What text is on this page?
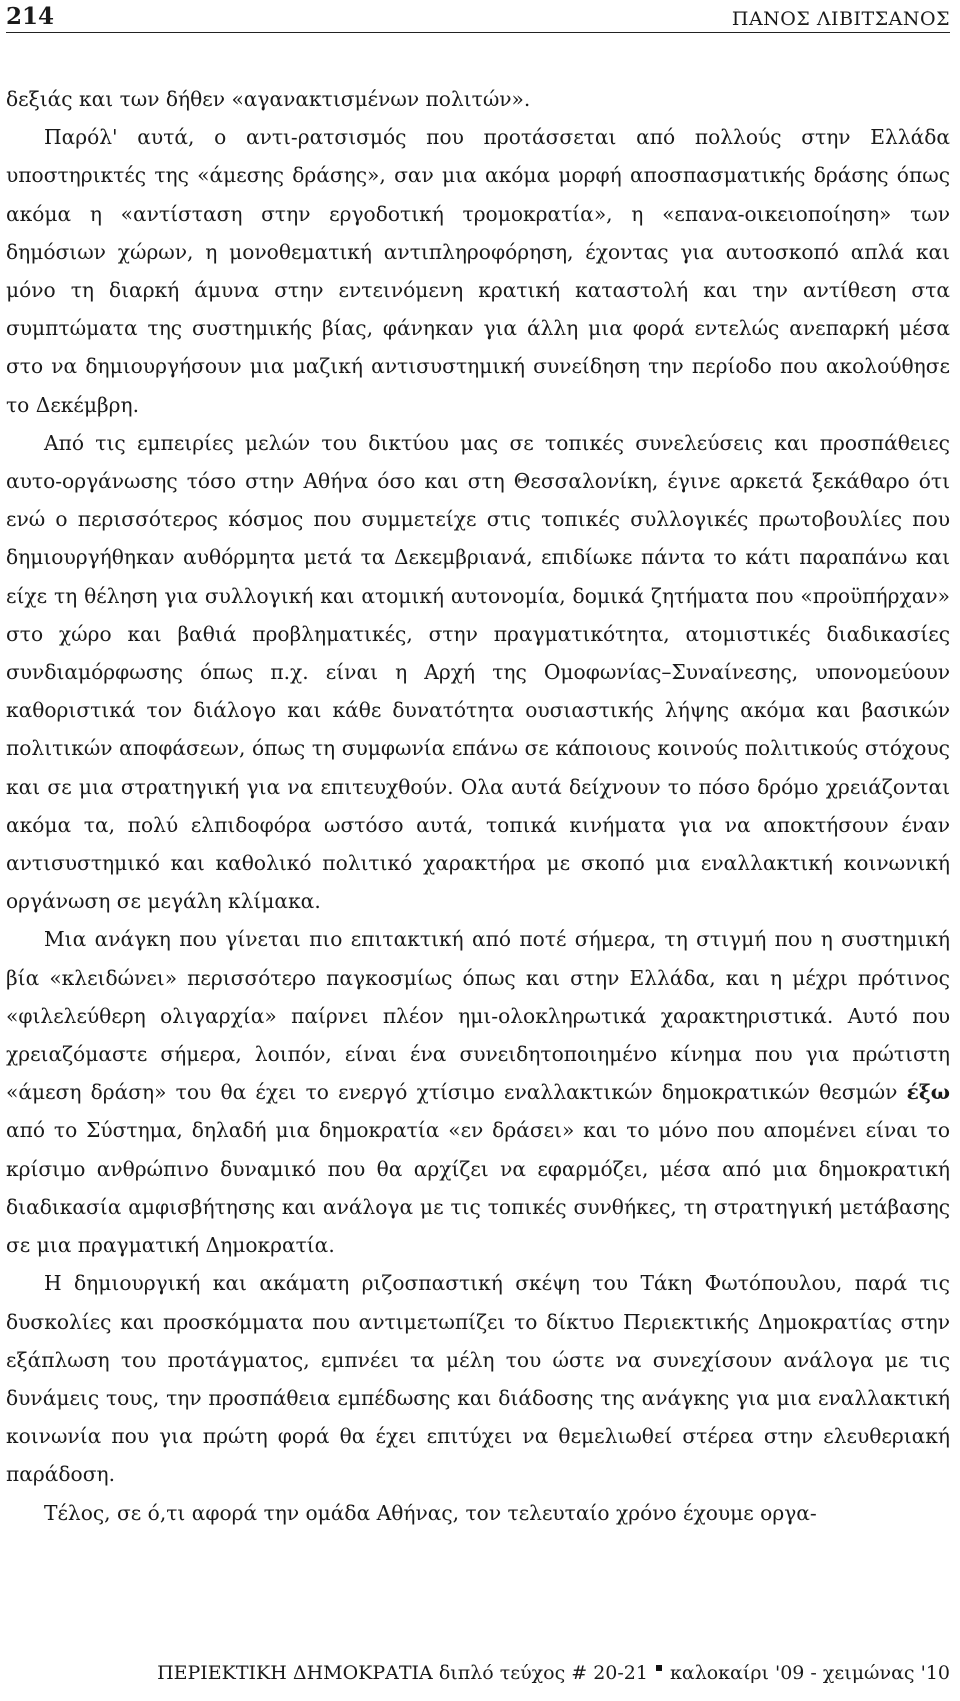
214	ΠΑΝΟΣ ΛΙΒΙΤΣΑΝΟΣ

δεξιάς και των δήθεν «αγανακτισμένων πολιτών».

Παρόλ' αυτά, ο αντι-ρατσισμός που προτάσσεται από πολλούς στην Ελλάδα υποστηρικτές της «άμεσης δράσης», σαν μια ακόμα μορφή αποσπασματικής δράσης όπως ακόμα η «αντίσταση στην εργοδοτική τρομοκρατία», η «επανα-οικειοποίηση» των δημόσιων χώρων, η μονοθεματική αντιπληροφόρηση, έχοντας για αυτοσκοπό απλά και μόνο τη διαρκή άμυνα στην εντεινόμενη κρατική καταστολή και την αντίθεση στα συμπτώματα της συστημικής βίας, φάνηκαν για άλλη μια φορά εντελώς ανεπαρκή μέσα στο να δημιουργήσουν μια μαζική αντισυστημική συνείδηση την περίοδο που ακολούθησε το Δεκέμβρη.

Από τις εμπειρίες μελών του δικτύου μας σε τοπικές συνελεύσεις και προσπάθειες αυτο-οργάνωσης τόσο στην Αθήνα όσο και στη Θεσσαλονίκη, έγινε αρκετά ξεκάθαρο ότι ενώ ο περισσότερος κόσμος που συμμετείχε στις τοπικές συλλογικές πρωτοβουλίες που δημιουργήθηκαν αυθόρμητα μετά τα Δεκεμβριανά, επιδίωκε πάντα το κάτι παραπάνω και είχε τη θέληση για συλλογική και ατομική αυτονομία, δομικά ζητήματα που «προϋπήρχαν» στο χώρο και βαθιά προβληματικές, στην πραγματικότητα, ατομιστικές διαδικασίες συνδιαμόρφωσης όπως π.χ. είναι η Αρχή της Ομοφωνίας–Συναίνεσης, υπονομεύουν καθοριστικά τον διάλογο και κάθε δυνατότητα ουσιαστικής λήψης ακόμα και βασικών πολιτικών αποφάσεων, όπως τη συμφωνία επάνω σε κάποιους κοινούς πολιτικούς στόχους και σε μια στρατηγική για να επιτευχθούν. Ολα αυτά δείχνουν το πόσο δρόμο χρειάζονται ακόμα τα, πολύ ελπιδοφόρα ωστόσο αυτά, τοπικά κινήματα για να αποκτήσουν έναν αντισυστημικό και καθολικό πολιτικό χαρακτήρα με σκοπό μια εναλλακτική κοινωνική οργάνωση σε μεγάλη κλίμακα.

Μια ανάγκη που γίνεται πιο επιτακτική από ποτέ σήμερα, τη στιγμή που η συστημική βία «κλειδώνει» περισσότερο παγκοσμίως όπως και στην Ελλάδα, και η μέχρι πρότινος «φιλελεύθερη ολιγαρχία» παίρνει πλέον ημι-ολοκληρωτικά χαρακτηριστικά. Αυτό που χρειαζόμαστε σήμερα, λοιπόν, είναι ένα συνειδητοποιημένο κίνημα που για πρώτιστη «άμεση δράση» του θα έχει το ενεργό χτίσιμο εναλλακτικών δημοκρατικών θεσμών έξω από το Σύστημα, δηλαδή μια δημοκρατία «εν δράσει» και το μόνο που απομένει είναι το κρίσιμο ανθρώπινο δυναμικό που θα αρχίζει να εφαρμόζει, μέσα από μια δημοκρατική διαδικασία αμφισβήτησης και ανάλογα με τις τοπικές συνθήκες, τη στρατηγική μετάβασης σε μια πραγματική Δημοκρατία.

Η δημιουργική και ακάματη ριζοσπαστική σκέψη του Τάκη Φωτόπουλου, παρά τις δυσκολίες και προσκόμματα που αντιμετωπίζει το δίκτυο Περιεκτικής Δημοκρατίας στην εξάπλωση του προτάγματος, εμπνέει τα μέλη του ώστε να συνεχίσουν ανάλογα με τις δυνάμεις τους, την προσπάθεια εμπέδωσης και διάδοσης της ανάγκης για μια εναλλακτική κοινωνία που για πρώτη φορά θα έχει επιτύχει να θεμελιωθεί στέρεα στην ελευθεριακή παράδοση.

Τέλος, σε ό,τι αφορά την ομάδα Αθήνας, τον τελευταίο χρόνο έχουμε οργα-

ΠΕΡΙΕΚΤΙΚΗ ΔΗΜΟΚΡΑΤΙΑ διπλό τεύχος # 20-21 καλοκαίρι '09 - χειμώνας '10
